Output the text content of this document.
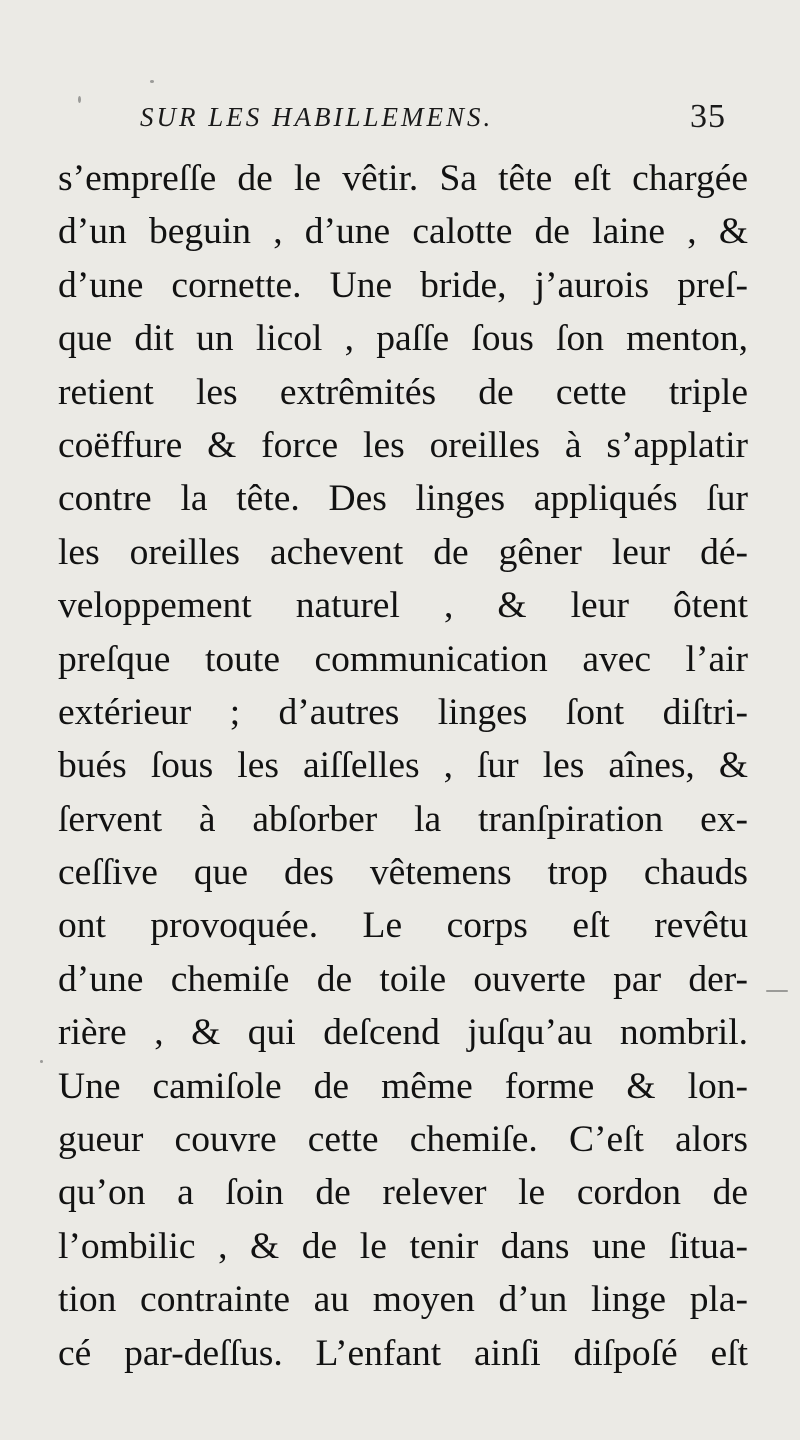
SUR LES HABILLEMENS.	35
s’empreſſe de le vêtir. Sa tête eſt chargée
d’un beguin , d’une calotte de laine , &
d’une cornette. Une bride, j’aurois preſ-
que dit un licol , paſſe ſous ſon menton,
retient les extrêmités de cette triple
coëffure & force les oreilles à s’applatir
contre la tête. Des linges appliqués ſur
les oreilles achevent de gêner leur dé-
veloppement naturel , & leur ôtent
preſque toute communication avec l’air
extérieur ; d’autres linges ſont diſtri-
bués ſous les aiſſelles , ſur les aînes, &
ſervent à abſorber la tranſpiration ex-
ceſſive que des vêtemens trop chauds
ont provoquée. Le corps eſt revêtu
d’une chemiſe de toile ouverte par der-
rière , & qui deſcend juſqu’au nombril.
Une camiſole de même forme & lon-
gueur couvre cette chemiſe. C’eſt alors
qu’on a ſoin de relever le cordon de
l’ombilic , & de le tenir dans une ſitua-
tion contrainte au moyen d’un linge pla-
cé par-deſſus. L’enfant ainſi diſpoſé eſt
